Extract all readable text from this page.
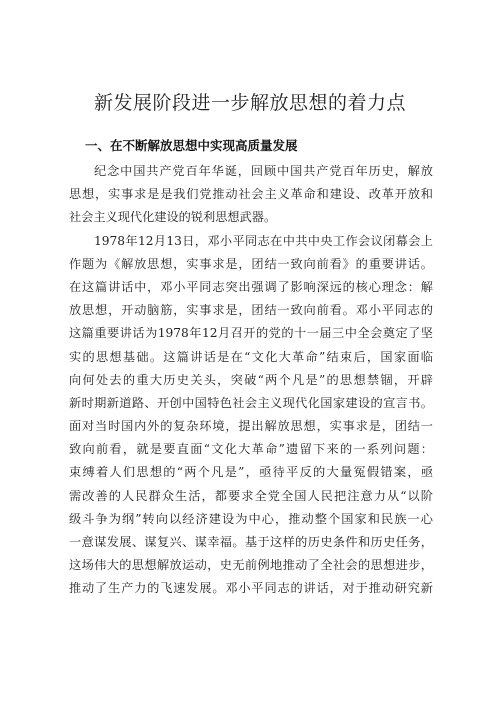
新发展阶段进一步解放思想的着力点
一、在不断解放思想中实现高质量发展
纪念中国共产党百年华诞，回顾中国共产党百年历史，解放
思想，实事求是是我们党推动社会主义革命和建设、改革开放和
社会主义现代化建设的锐利思想武器。
1978年12月13日，邓小平同志在中共中央工作会议闭幕会上
作题为《解放思想，实事求是，团结一致向前看》的重要讲话。
在这篇讲话中，邓小平同志突出强调了影响深远的核心理念：解
放思想，开动脑筋，实事求是，团结一致向前看。邓小平同志的
这篇重要讲话为1978年12月召开的党的十一届三中全会奠定了坚
实的思想基础。这篇讲话是在“文化大革命”结束后，国家面临
向何处去的重大历史关头，突破“两个凡是”的思想禁锢，开辟
新时期新道路、开创中国特色社会主义现代化国家建设的宣言书。
面对当时国内外的复杂环境，提出解放思想，实事求是，团结一
致向前看，就是要直面“文化大革命”遗留下来的一系列问题：
束缚着人们思想的“两个凡是”，亟待平反的大量冤假错案，亟
需改善的人民群众生活，都要求全党全国人民把注意力从“以阶
级斗争为纲”转向以经济建设为中心，推动整个国家和民族一心
一意谋发展、谋复兴、谋幸福。基于这样的历史条件和历史任务，
这场伟大的思想解放运动，史无前例地推动了全社会的思想进步，
推动了生产力的飞速发展。邓小平同志的讲话，对于推动研究新
